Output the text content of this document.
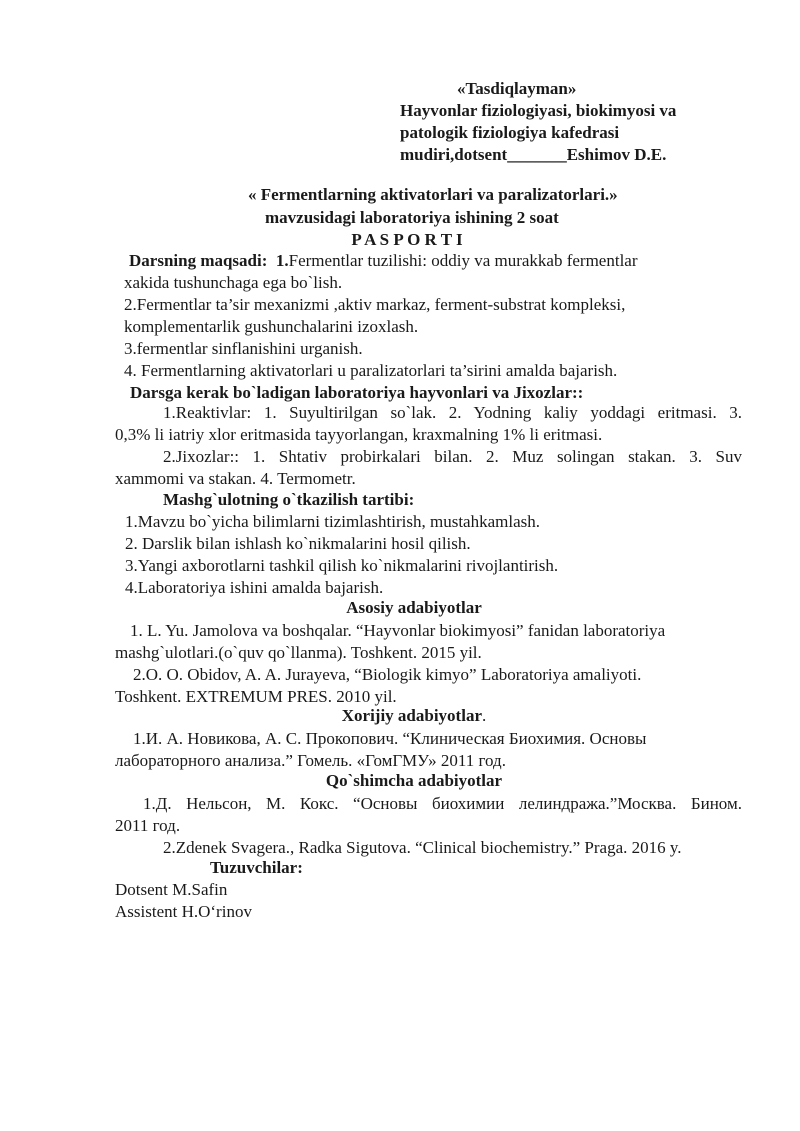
«Tasdiqlayman»
Hayvonlar fiziologiyasi, biokimyosi va
patologik fiziologiya kafedrasi
mudiri,dotsent_______Eshimov D.E.
« Fermentlarning aktivatorlari va paralizatorlari.»
mavzusidagi laboratoriya ishining 2 soat
P A S P O R T I
Darsning maqsadi: 1.Fermentlar tuzilishi: oddiy va murakkab fermentlar
xakida tushunchaga ega bo`lish.
2.Fermentlar ta’sir mexanizmi ,aktiv markaz, ferment-substrat kompleksi,
komplementarlik gushunchalarini izoxlash.
3.fermentlar sinflanishini urganish.
4. Fermentlarning aktivatorlari u paralizatorlari ta’sirini amalda bajarish.
Darsga kerak bo`ladigan laboratoriya hayvonlari va Jixozlar::
1.Reaktivlar: 1. Suyultirilgan so`lak. 2. Yodning kaliy yoddagi eritmasi. 3.
0,3% li iatriy xlor eritmasida tayyorlangan, kraxmalning 1% li eritmasi.
2.Jixozlar:: 1. Shtativ probirkalari bilan. 2. Muz solingan stakan. 3. Suv
xammomi va stakan. 4. Termometr.
Mashg`ulotning o`tkazilish tartibi:
1.Mavzu bo`yicha bilimlarni tizimlashtirish, mustahkamlash.
2. Darslik bilan ishlash ko`nikmalarini hosil qilish.
3.Yangi axborotlarni tashkil qilish ko`nikmalarini rivojlantirish.
4.Laboratoriya ishini amalda bajarish.
Asosiy adabiyotlar
1. L. Yu. Jamolova va boshqalar. “Hayvonlar biokimyosi” fanidan laboratoriya
mashg`ulotlari.(o`quv qo`llanma). Toshkent. 2015 yil.
2.O. O. Obidov, A. A. Jurayeva, “Biologik kimyo” Laboratoriya amaliyoti.
Toshkent. EXTREMUM PRES. 2010 yil.
Xorijiy adabiyotlar.
1.И. А. Новикова, А. С. Прокопович. “Клиническая Биохимия. Основы
лабораторного анализа.” Гомель. «ГомГМУ» 2011 год.
Qo`shimcha adabiyotlar
1.Д. Нельсон, М. Кокс. “Основы биохимии лелиндража.”Москва. Бином.
2011 год.
2.Zdenek Svagera., Radka Sigutova. “Clinical biochemistry.” Praga. 2016 y.
Tuzuvchilar:
Dotsent M.Safin
Assistent H.O‘rinov
